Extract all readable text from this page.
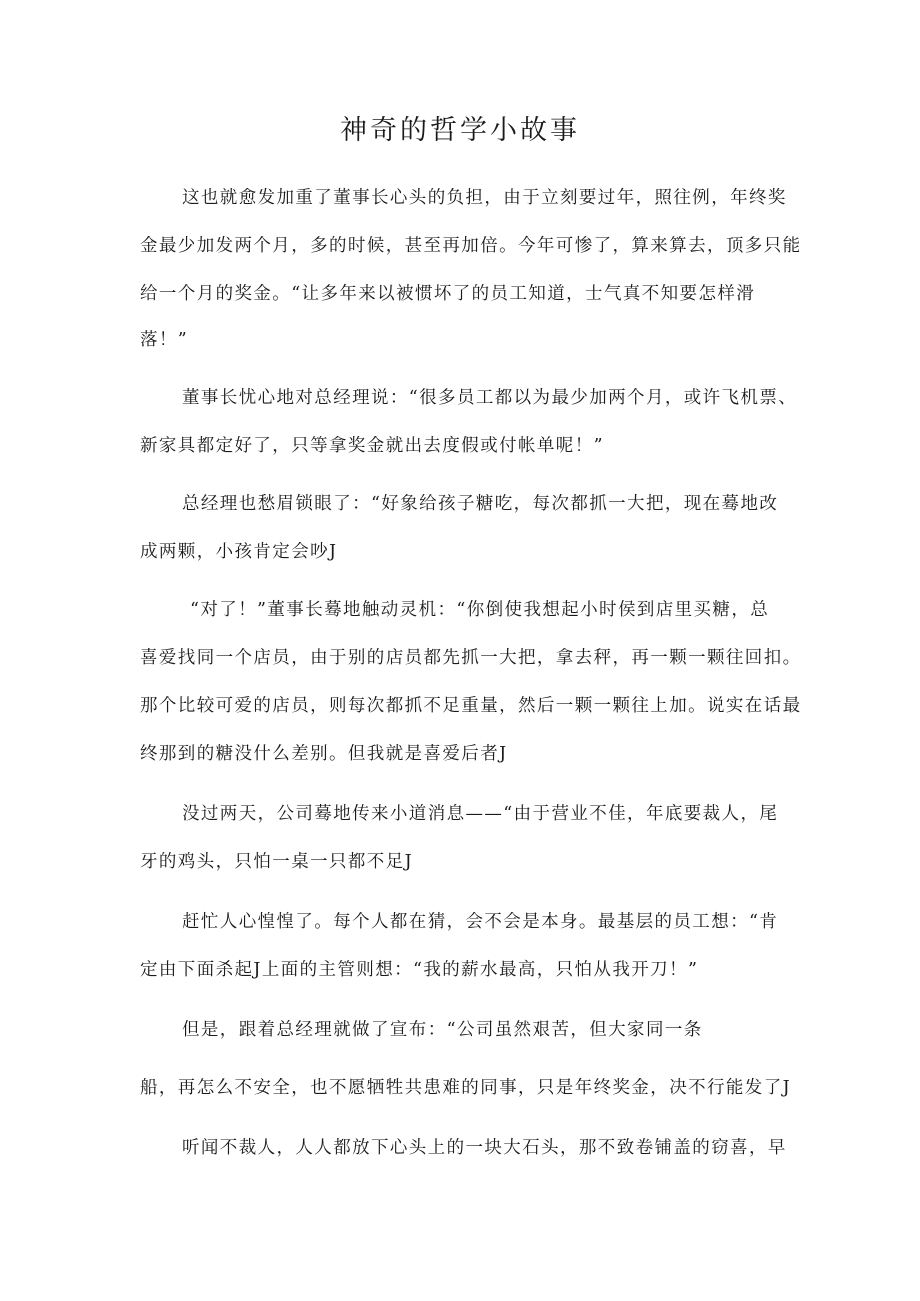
神奇的哲学小故事

这也就愈发加重了董事长心头的负担，由于立刻要过年，照往例，年终奖

金最少加发两个月，多的时候，甚至再加倍。今年可惨了，算来算去，顶多只能

给一个月的奖金。“让多年来以被惯坏了的员工知道，士气真不知要怎样滑

落！”

董事长忧心地对总经理说：“很多员工都以为最少加两个月，或许飞机票、

新家具都定好了，只等拿奖金就出去度假或付帐单呢！”

总经理也愁眉锁眼了：“好象给孩子糖吃，每次都抓一大把，现在蓦地改

成两颗，小孩肯定会吵J

“对了！”董事长蓦地触动灵机：“你倒使我想起小时侯到店里买糖，总

喜爱找同一个店员，由于别的店员都先抓一大把，拿去秤，再一颗一颗往回扣。

那个比较可爱的店员，则每次都抓不足重量，然后一颗一颗往上加。说实在话最

终那到的糖没什么差别。但我就是喜爱后者J

没过两天，公司蓦地传来小道消息——“由于营业不佳，年底要裁人，尾

牙的鸡头，只怕一桌一只都不足J

赶忙人心惶惶了。每个人都在猜，会不会是本身。最基层的员工想：“肯

定由下面杀起J上面的主管则想：“我的薪水最高，只怕从我开刀！”

但是，跟着总经理就做了宣布：“公司虽然艰苦，但大家同一条

船，再怎么不安全，也不愿牺牲共患难的同事，只是年终奖金，决不行能发了J

听闻不裁人，人人都放下心头上的一块大石头，那不致卷铺盖的窃喜，早
